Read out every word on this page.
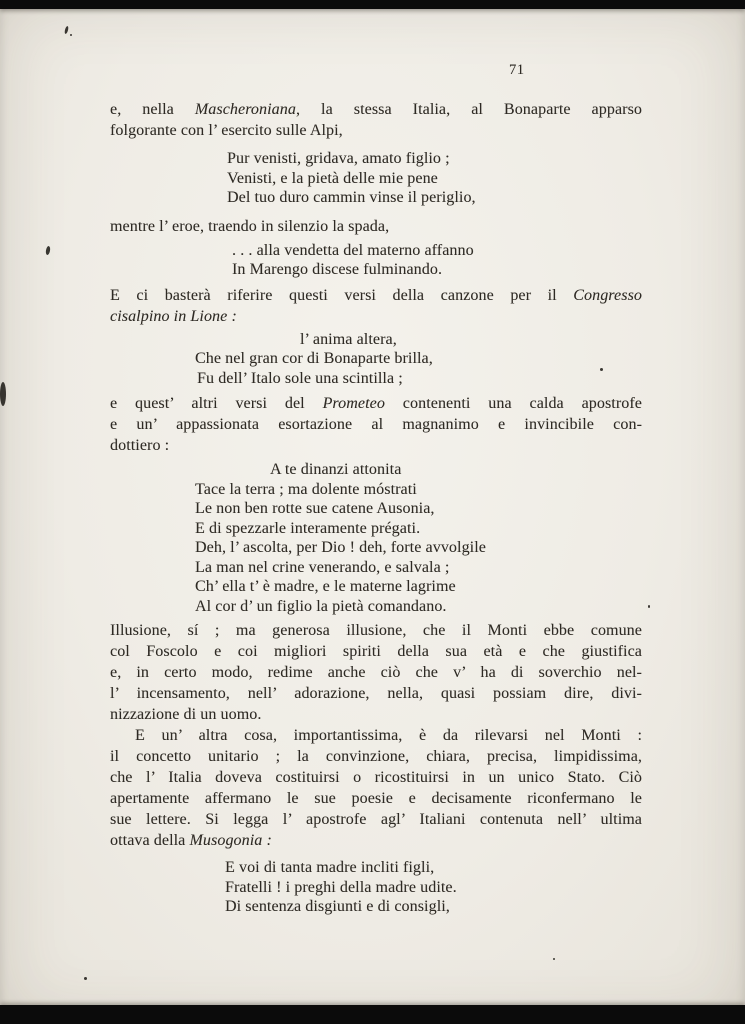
71
e, nella Mascheroniana, la stessa Italia, al Bonaparte apparso
folgorante con l’ esercito sulle Alpi,
Pur venisti, gridava, amato figlio ;
Venisti, e la pietà delle mie pene
Del tuo duro cammin vinse il periglio,
mentre l’ eroe, traendo in silenzio la spada,
. . . alla vendetta del materno affanno
In Marengo discese fulminando.
E ci basterà riferire questi versi della canzone per il Congresso
cisalpino in Lione :
l’ anima altera,
Che nel gran cor di Bonaparte brilla,
Fu dell’ Italo sole una scintilla ;
e quest’ altri versi del Prometeo contenenti una calda apostrofe
e un’ appassionata esortazione al magnanimo e invincibile con-
dottiero :
A te dinanzi attonita
Tace la terra ; ma dolente móstrati
Le non ben rotte sue catene Ausonia,
E di spezzarle interamente prégati.
Deh, l’ ascolta, per Dio ! deh, forte avvolgile
La man nel crine venerando, e salvala ;
Ch’ ella t’ è madre, e le materne lagrime
Al cor d’ un figlio la pietà comandano.
Illusione, sí ; ma generosa illusione, che il Monti ebbe comune
col Foscolo e coi migliori spiriti della sua età e che giustifica
e, in certo modo, redime anche ciò che v’ ha di soverchio nel-
l’ incensamento, nell’ adorazione, nella, quasi possiam dire, divi-
nizzazione di un uomo.
E un’ altra cosa, importantissima, è da rilevarsi nel Monti :
il concetto unitario ; la convinzione, chiara, precisa, limpidissima,
che l’ Italia doveva costituirsi o ricostituirsi in un unico Stato. Ciò
apertamente affermano le sue poesie e decisamente riconfermano le
sue lettere. Si legga l’ apostrofe agl’ Italiani contenuta nell’ ultima
ottava della Musogonia :
E voi di tanta madre incliti figli,
Fratelli ! i preghi della madre udite.
Di sentenza disgiunti e di consigli,
